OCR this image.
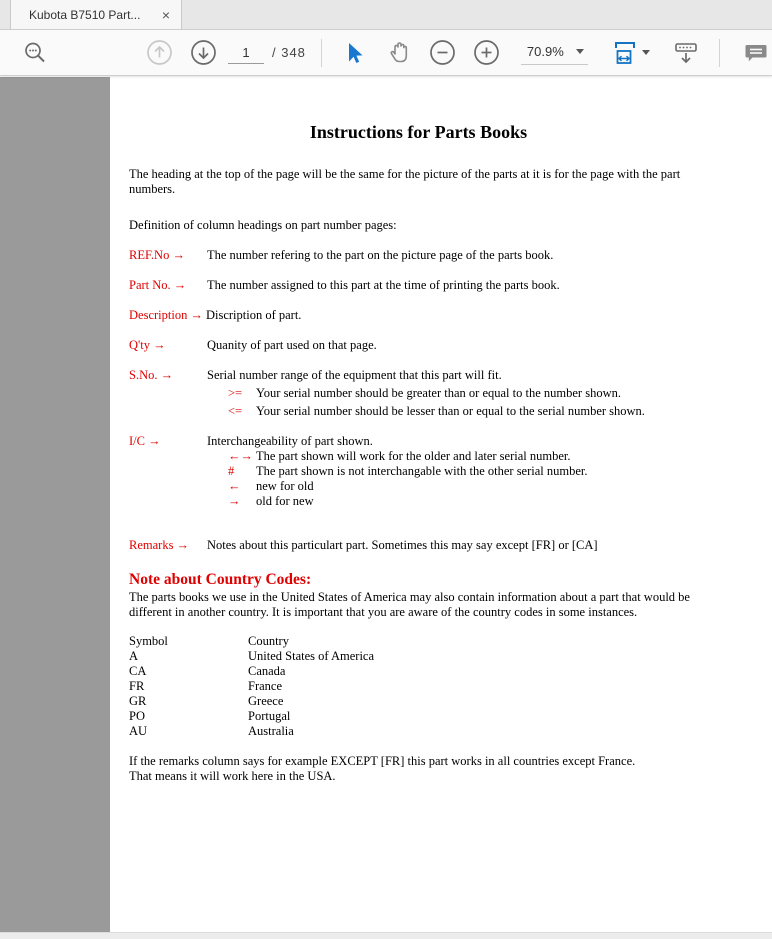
Kubota B7510 Part... ×
1
/ 348	70.9%
Instructions for Parts Books
The heading at the top of the page will be the same for the picture of the parts at it is for the page with the part numbers.
Definition of column headings on part number pages:
REF.No →	The number refering to the part on the picture page of the parts book.
Part No. →	The number assigned to this part at the time of printing the parts book.
Description → Discription of part.
Q'ty →	Quanity of part used on that page.
S.No. →	Serial number range of the equipment that this part will fit.
>=	Your serial number should be greater than or equal to the number shown.
<=	Your serial number should be lesser than or equal to the serial number shown.
I/C →	Interchangeability of part shown.
←→ The part shown will work for the older and later serial number.
#	The part shown is not interchangable with the other serial number.
←	new for old
→	old for new
Remarks →	Notes about this particulart part. Sometimes this may say except [FR] or [CA]
Note about Country Codes:
The parts books we use in the United States of America may also contain information about a part that would be different in another country. It is important that you are aware of the country codes in some instances.
Symbol	Country
A	United States of America
CA	Canada
FR	France
GR	Greece
PO	Portugal
AU	Australia
If the remarks column says for example EXCEPT [FR] this part works in all countries except France.
That means it will work here in the USA.
